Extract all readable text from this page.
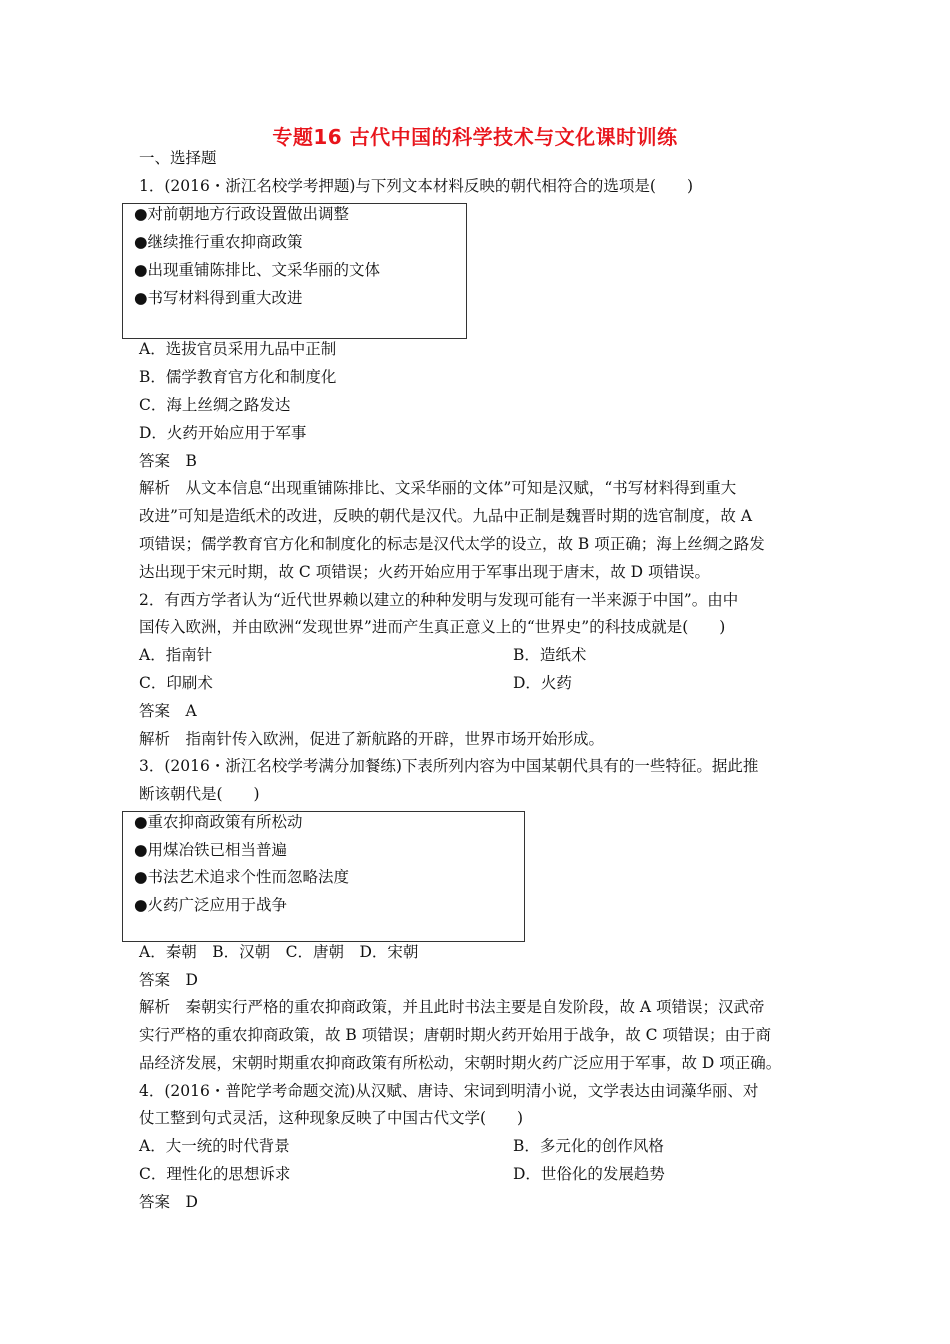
专题16 古代中国的科学技术与文化课时训练
一、选择题
1．(2016・浙江名校学考押题)与下列文本材料反映的朝代相符合的选项是(　　)
●对前朝地方行政设置做出调整
●继续推行重农抑商政策
●出现重铺陈排比、文采华丽的文体
●书写材料得到重大改进
A．选拔官员采用九品中正制
B．儒学教育官方化和制度化
C．海上丝绸之路发达
D．火药开始应用于军事
答案　B
解析　从文本信息“出现重铺陈排比、文采华丽的文体”可知是汉赋，“书写材料得到重大
改进”可知是造纸术的改进，反映的朝代是汉代。九品中正制是魏晋时期的选官制度，故 A
项错误；儒学教育官方化和制度化的标志是汉代太学的设立，故 B 项正确；海上丝绸之路发
达出现于宋元时期，故 C 项错误；火药开始应用于军事出现于唐末，故 D 项错误。
2．有西方学者认为“近代世界赖以建立的种种发明与发现可能有一半来源于中国”。由中
国传入欧洲，并由欧洲“发现世界”进而产生真正意义上的“世界史”的科技成就是(　　)
A．指南针	B．造纸术
C．印刷术	D．火药
答案　A
解析　指南针传入欧洲，促进了新航路的开辟，世界市场开始形成。
3．(2016・浙江名校学考满分加餐练)下表所列内容为中国某朝代具有的一些特征。据此推
断该朝代是(　　)
●重农抑商政策有所松动
●用煤冶铁已相当普遍
●书法艺术追求个性而忽略法度
●火药广泛应用于战争
A．秦朝　B．汉朝　C．唐朝　D．宋朝
答案　D
解析　秦朝实行严格的重农抑商政策，并且此时书法主要是自发阶段，故 A 项错误；汉武帝
实行严格的重农抑商政策，故 B 项错误；唐朝时期火药开始用于战争，故 C 项错误；由于商
品经济发展，宋朝时期重农抑商政策有所松动，宋朝时期火药广泛应用于军事，故 D 项正确。
4．(2016・普陀学考命题交流)从汉赋、唐诗、宋词到明清小说，文学表达由词藻华丽、对
仗工整到句式灵活，这种现象反映了中国古代文学(　　)
A．大一统的时代背景	B．多元化的创作风格
C．理性化的思想诉求	D．世俗化的发展趋势
答案　D
